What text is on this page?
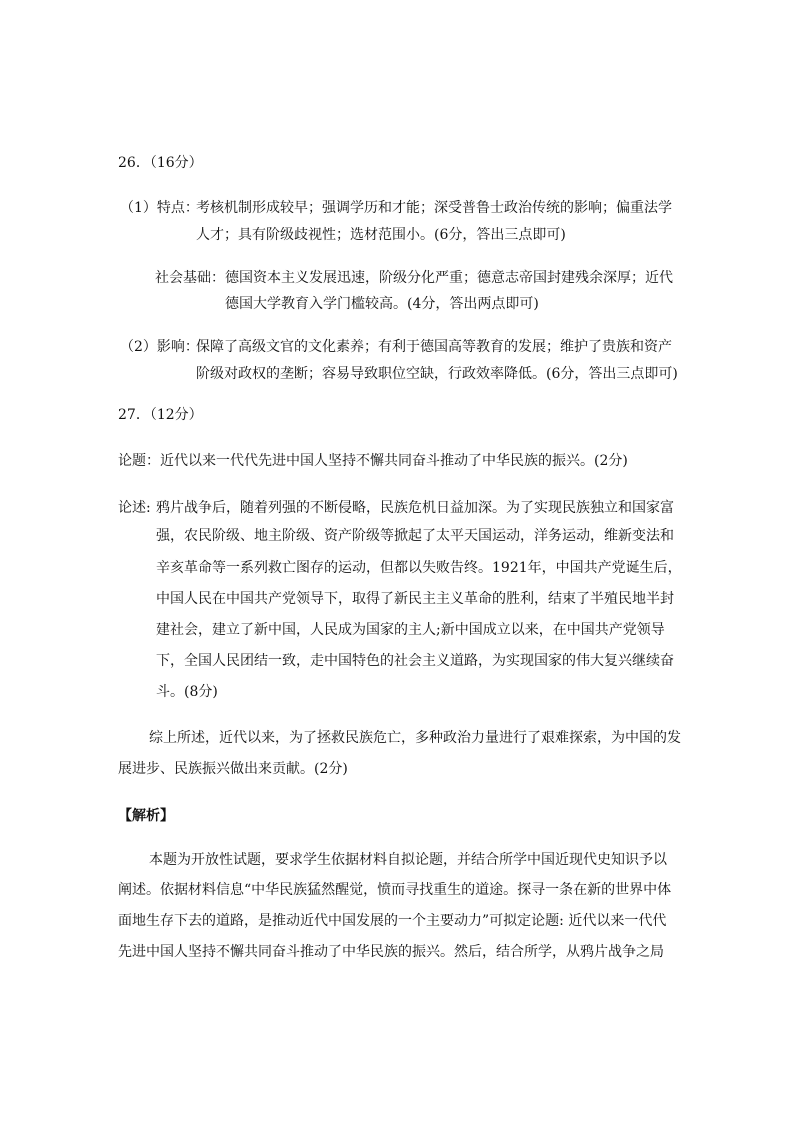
26．（16分）
（1）特点：
考核机制形成较早；强调学历和才能；深受普鲁士政治传统的影响；偏重法学
人才；具有阶级歧视性；选材范围小。(6分，答出三点即可)
社会基础： 德国资本主义发展迅速，阶级分化严重；德意志帝国封建残余深厚；近代
德国大学教育入学门槛较高。(4分，答出两点即可)
（2）影响：
保障了高级文官的文化素养；有利于德国高等教育的发展；维护了贵族和资产
阶级对政权的垄断；容易导致职位空缺，行政效率降低。(6分，答出三点即可)
27．（12分）
论题：近代以来一代代先进中国人坚持不懈共同奋斗推动了中华民族的振兴。(2分)
论述: 鸦片战争后，随着列强的不断侵略，民族危机日益加深。为了实现民族独立和国家富
强，农民阶级、地主阶级、资产阶级等掀起了太平天国运动，洋务运动，维新变法和
辛亥革命等一系列救亡图存的运动，但都以失败告终。1921年，中国共产党诞生后，
中国人民在中国共产党领导下，取得了新民主主义革命的胜利，结束了半殖民地半封
建社会，建立了新中国，人民成为国家的主人;新中国成立以来，在中国共产党领导
下，全国人民团结一致，走中国特色的社会主义道路，为实现国家的伟大复兴继续奋
斗。(8分)
综上所述，近代以来，为了拯救民族危亡，多种政治力量进行了艰难探索，为中国的发
展进步、民族振兴做出来贡献。(2分)
【解析】
本题为开放性试题，要求学生依据材料自拟论题，并结合所学中国近现代史知识予以
阐述。依据材料信息“中华民族猛然醒觉，愤而寻找重生的道途。探寻一条在新的世界中体
面地生存下去的道路，是推动近代中国发展的一个主要动力”可拟定论题: 近代以来一代代
先进中国人坚持不懈共同奋斗推动了中华民族的振兴。然后，结合所学，从鸦片战争之局
